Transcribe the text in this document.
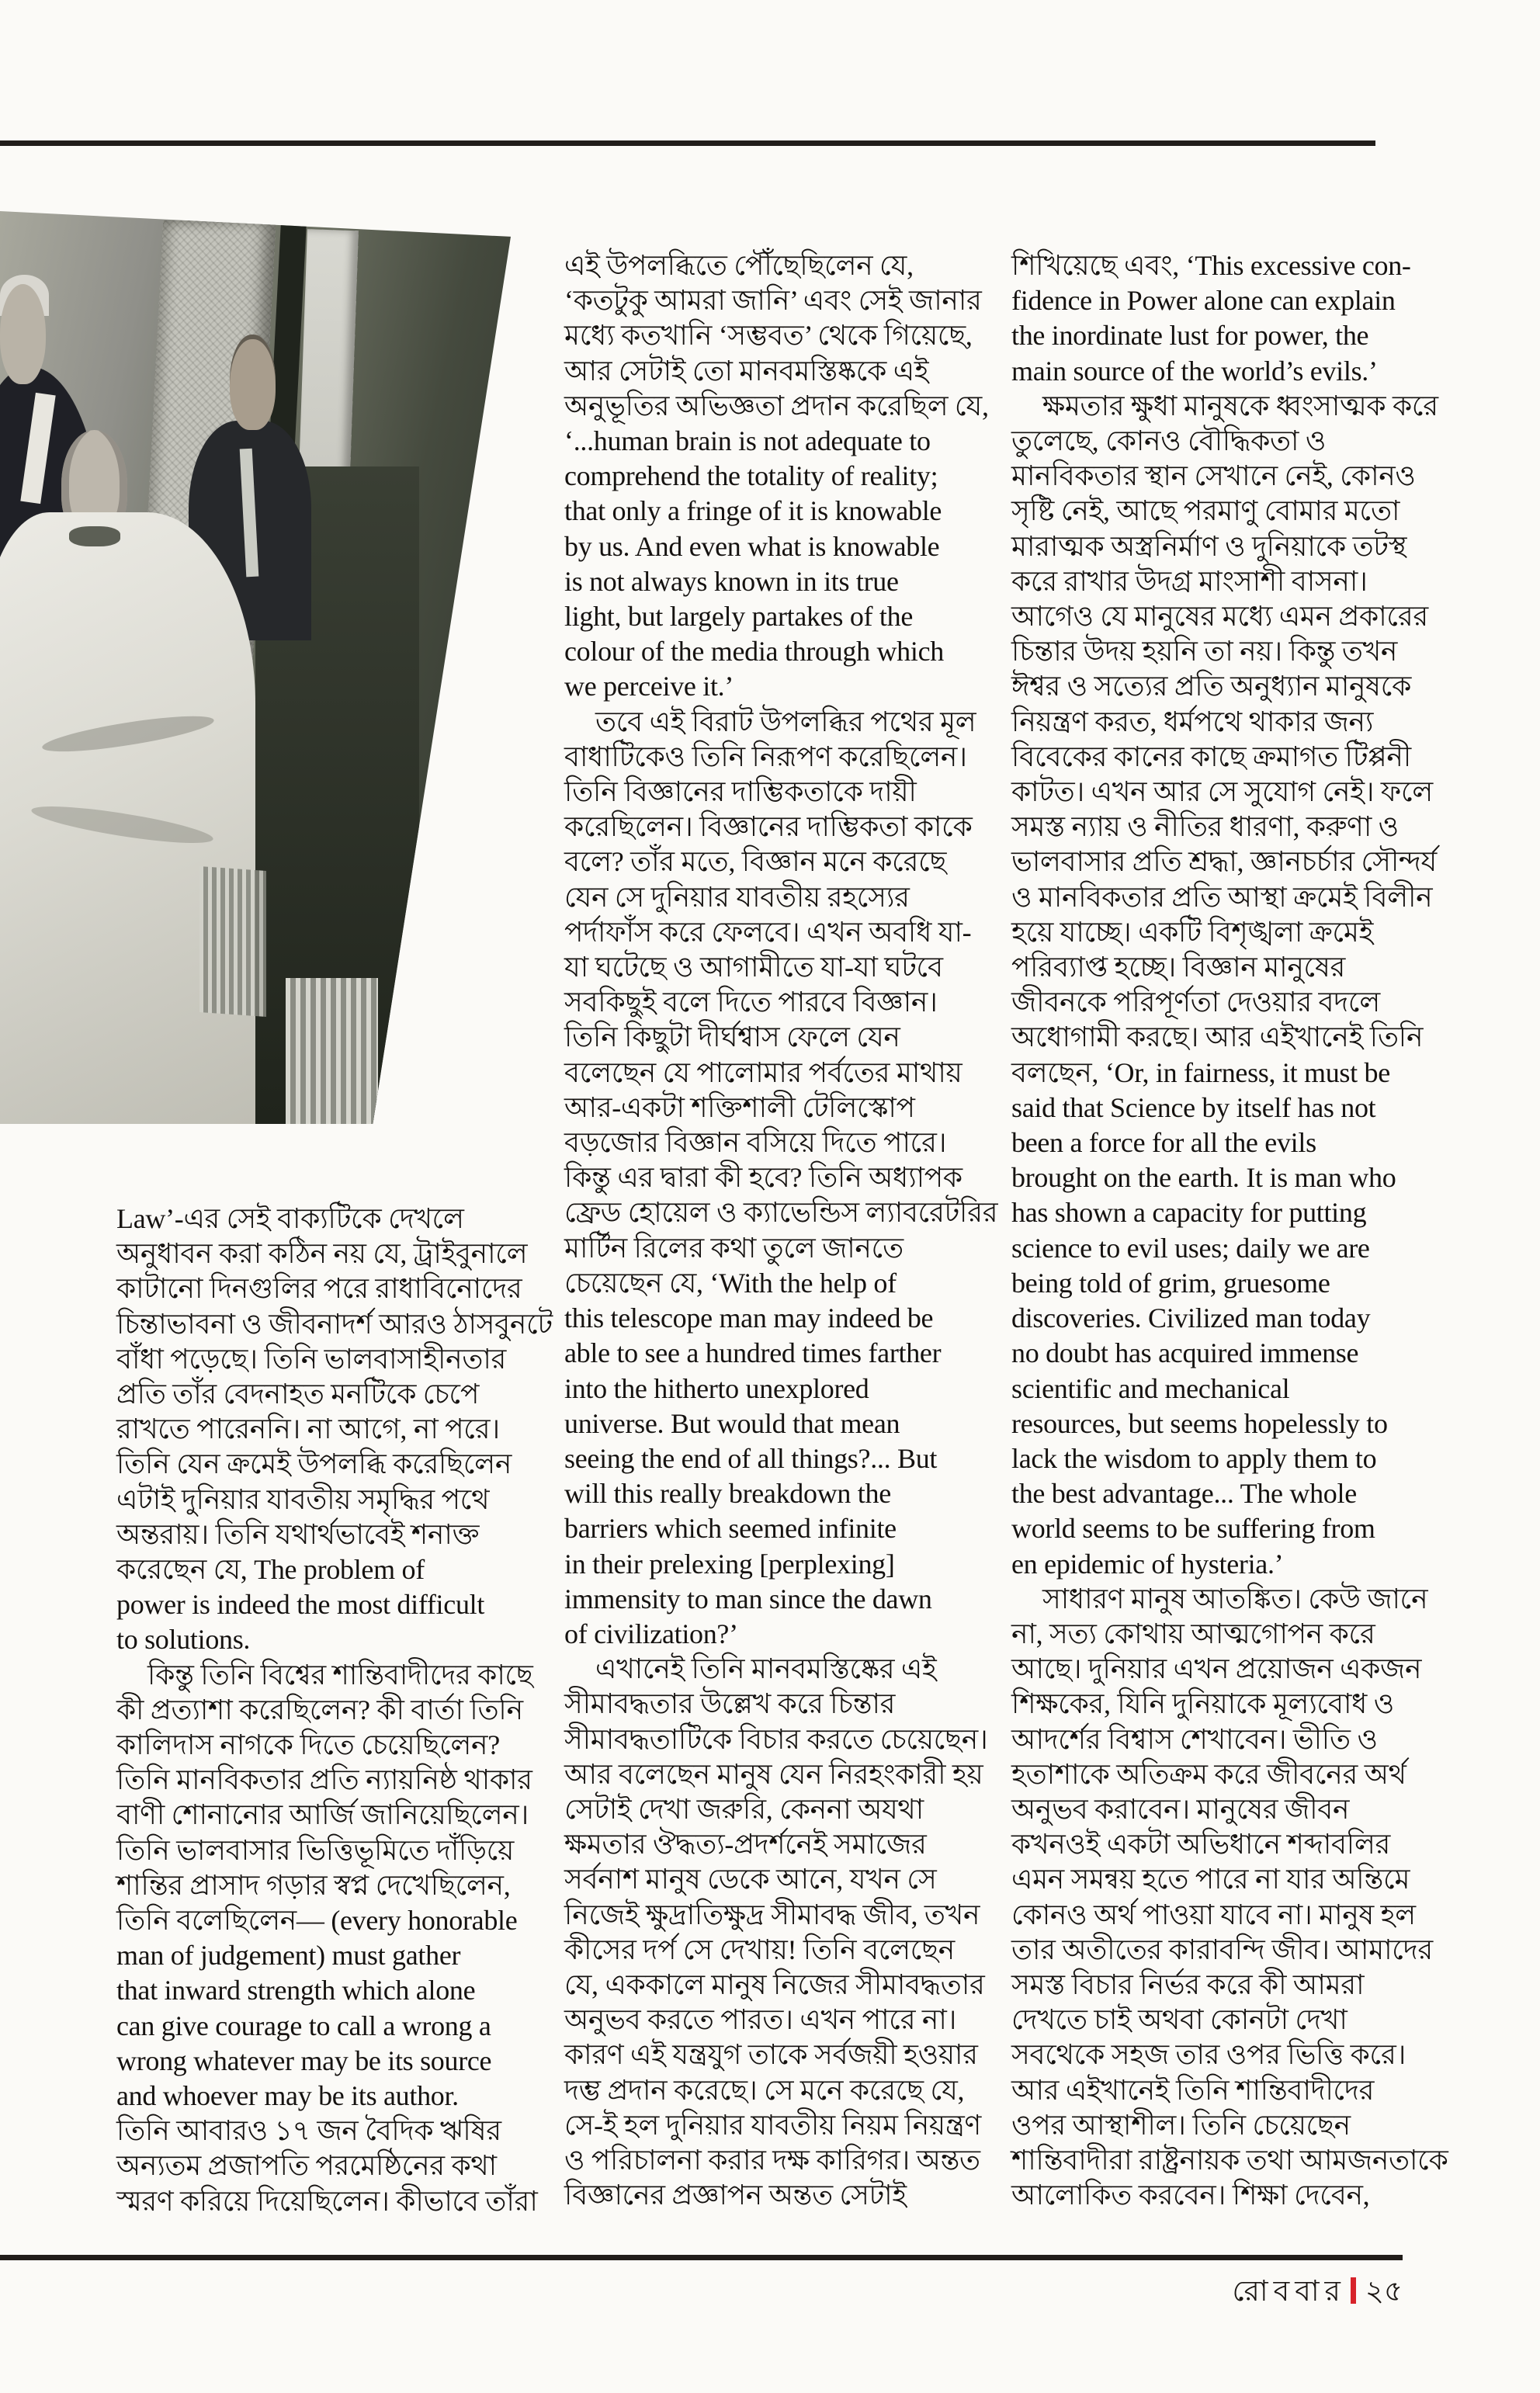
Law’-এর সেই বাক্যটিকে দেখলে
অনুধাবন করা কঠিন নয় যে, ট্রাইবুনালে
কাটানো দিনগুলির পরে রাধাবিনোদের
চিন্তাভাবনা ও জীবনাদর্শ আরও ঠাসবুনটে
বাঁধা পড়েছে। তিনি ভালবাসাহীনতার
প্রতি তাঁর বেদনাহত মনটিকে চেপে
রাখতে পারেননি। না আগে, না পরে।
তিনি যেন ক্রমেই উপলব্ধি করেছিলেন
এটাই দুনিয়ার যাবতীয় সমৃদ্ধির পথে
অন্তরায়। তিনি যথার্থভাবেই শনাক্ত
করেছেন যে, The problem of
power is indeed the most difficult
to solutions.
কিন্তু তিনি বিশ্বের শান্তিবাদীদের কাছে
কী প্রত্যাশা করেছিলেন? কী বার্তা তিনি
কালিদাস নাগকে দিতে চেয়েছিলেন?
তিনি মানবিকতার প্রতি ন্যায়নিষ্ঠ থাকার
বাণী শোনানোর আর্জি জানিয়েছিলেন।
তিনি ভালবাসার ভিত্তিভূমিতে দাঁড়িয়ে
শান্তির প্রাসাদ গড়ার স্বপ্ন দেখেছিলেন,
তিনি বলেছিলেন— (every honorable
man of judgement) must gather
that inward strength which alone
can give courage to call a wrong a
wrong whatever may be its source
and whoever may be its author.
তিনি আবারও ১৭ জন বৈদিক ঋষির
অন্যতম প্রজাপতি পরমেষ্ঠিনের কথা
স্মরণ করিয়ে দিয়েছিলেন। কীভাবে তাঁরা
এই উপলব্ধিতে পৌঁছেছিলেন যে,
‘কতটুকু আমরা জানি’ এবং সেই জানার
মধ্যে কতখানি ‘সম্ভবত’ থেকে গিয়েছে,
আর সেটাই তো মানবমস্তিষ্ককে এই
অনুভূতির অভিজ্ঞতা প্রদান করেছিল যে,
‘...human brain is not adequate to
comprehend the totality of reality;
that only a fringe of it is knowable
by us. And even what is knowable
is not always known in its true
light, but largely partakes of the
colour of the media through which
we perceive it.’
তবে এই বিরাট উপলব্ধির পথের মূল
বাধাটিকেও তিনি নিরূপণ করেছিলেন।
তিনি বিজ্ঞানের দাম্ভিকতাকে দায়ী
করেছিলেন। বিজ্ঞানের দাম্ভিকতা কাকে
বলে? তাঁর মতে, বিজ্ঞান মনে করেছে
যেন সে দুনিয়ার যাবতীয় রহস্যের
পর্দাফাঁস করে ফেলবে। এখন অবধি যা-
যা ঘটেছে ও আগামীতে যা-যা ঘটবে
সবকিছুই বলে দিতে পারবে বিজ্ঞান।
তিনি কিছুটা দীর্ঘশ্বাস ফেলে যেন
বলেছেন যে পালোমার পর্বতের মাথায়
আর-একটা শক্তিশালী টেলিস্কোপ
বড়জোর বিজ্ঞান বসিয়ে দিতে পারে।
কিন্তু এর দ্বারা কী হবে? তিনি অধ্যাপক
ফ্রেড হোয়েল ও ক্যাভেন্ডিস ল্যাবরেটরির
মার্টিন রিলের কথা তুলে জানতে
চেয়েছেন যে, ‘With the help of
this telescope man may indeed be
able to see a hundred times farther
into the hitherto unexplored
universe. But would that mean
seeing the end of all things?... But
will this really breakdown the
barriers which seemed infinite
in their prelexing [perplexing]
immensity to man since the dawn
of civilization?’
এখানেই তিনি মানবমস্তিষ্কের এই
সীমাবদ্ধতার উল্লেখ করে চিন্তার
সীমাবদ্ধতাটিকে বিচার করতে চেয়েছেন।
আর বলেছেন মানুষ যেন নিরহংকারী হয়
সেটাই দেখা জরুরি, কেননা অযথা
ক্ষমতার ঔদ্ধত্য-প্রদর্শনেই সমাজের
সর্বনাশ মানুষ ডেকে আনে, যখন সে
নিজেই ক্ষুদ্রাতিক্ষুদ্র সীমাবদ্ধ জীব, তখন
কীসের দর্প সে দেখায়! তিনি বলেছেন
যে, এককালে মানুষ নিজের সীমাবদ্ধতার
অনুভব করতে পারত। এখন পারে না।
কারণ এই যন্ত্রযুগ তাকে সর্বজয়ী হওয়ার
দম্ভ প্রদান করেছে। সে মনে করেছে যে,
সে-ই হল দুনিয়ার যাবতীয় নিয়ম নিয়ন্ত্রণ
ও পরিচালনা করার দক্ষ কারিগর। অন্তত
বিজ্ঞানের প্রজ্ঞাপন অন্তত সেটাই
শিখিয়েছে এবং, ‘This excessive con-
fidence in Power alone can explain
the inordinate lust for power, the
main source of the world’s evils.’
ক্ষমতার ক্ষুধা মানুষকে ধ্বংসাত্মক করে
তুলেছে, কোনও বৌদ্ধিকতা ও
মানবিকতার স্থান সেখানে নেই, কোনও
সৃষ্টি নেই, আছে পরমাণু বোমার মতো
মারাত্মক অস্ত্রনির্মাণ ও দুনিয়াকে তটস্থ
করে রাখার উদগ্র মাংসাশী বাসনা।
আগেও যে মানুষের মধ্যে এমন প্রকারের
চিন্তার উদয় হয়নি তা নয়। কিন্তু তখন
ঈশ্বর ও সত্যের প্রতি অনুধ্যান মানুষকে
নিয়ন্ত্রণ করত, ধর্মপথে থাকার জন্য
বিবেকের কানের কাছে ক্রমাগত টিপ্পনী
কাটত। এখন আর সে সুযোগ নেই। ফলে
সমস্ত ন্যায় ও নীতির ধারণা, করুণা ও
ভালবাসার প্রতি শ্রদ্ধা, জ্ঞানচর্চার সৌন্দর্য
ও মানবিকতার প্রতি আস্থা ক্রমেই বিলীন
হয়ে যাচ্ছে। একটি বিশৃঙ্খলা ক্রমেই
পরিব্যাপ্ত হচ্ছে। বিজ্ঞান মানুষের
জীবনকে পরিপূর্ণতা দেওয়ার বদলে
অধোগামী করছে। আর এইখানেই তিনি
বলছেন, ‘Or, in fairness, it must be
said that Science by itself has not
been a force for all the evils
brought on the earth. It is man who
has shown a capacity for putting
science to evil uses; daily we are
being told of grim, gruesome
discoveries. Civilized man today
no doubt has acquired immense
scientific and mechanical
resources, but seems hopelessly to
lack the wisdom to apply them to
the best advantage... The whole
world seems to be suffering from
en epidemic of hysteria.’
সাধারণ মানুষ আতঙ্কিত। কেউ জানে
না, সত্য কোথায় আত্মগোপন করে
আছে। দুনিয়ার এখন প্রয়োজন একজন
শিক্ষকের, যিনি দুনিয়াকে মূল্যবোধ ও
আদর্শের বিশ্বাস শেখাবেন। ভীতি ও
হতাশাকে অতিক্রম করে জীবনের অর্থ
অনুভব করাবেন। মানুষের জীবন
কখনওই একটা অভিধানে শব্দাবলির
এমন সমন্বয় হতে পারে না যার অন্তিমে
কোনও অর্থ পাওয়া যাবে না। মানুষ হল
তার অতীতের কারাবন্দি জীব। আমাদের
সমস্ত বিচার নির্ভর করে কী আমরা
দেখতে চাই অথবা কোনটা দেখা
সবথেকে সহজ তার ওপর ভিত্তি করে।
আর এইখানেই তিনি শান্তিবাদীদের
ওপর আস্থাশীল। তিনি চেয়েছেন
শান্তিবাদীরা রাষ্ট্রনায়ক তথা আমজনতাকে
আলোকিত করবেন। শিক্ষা দেবেন,
রোববার ২৫
